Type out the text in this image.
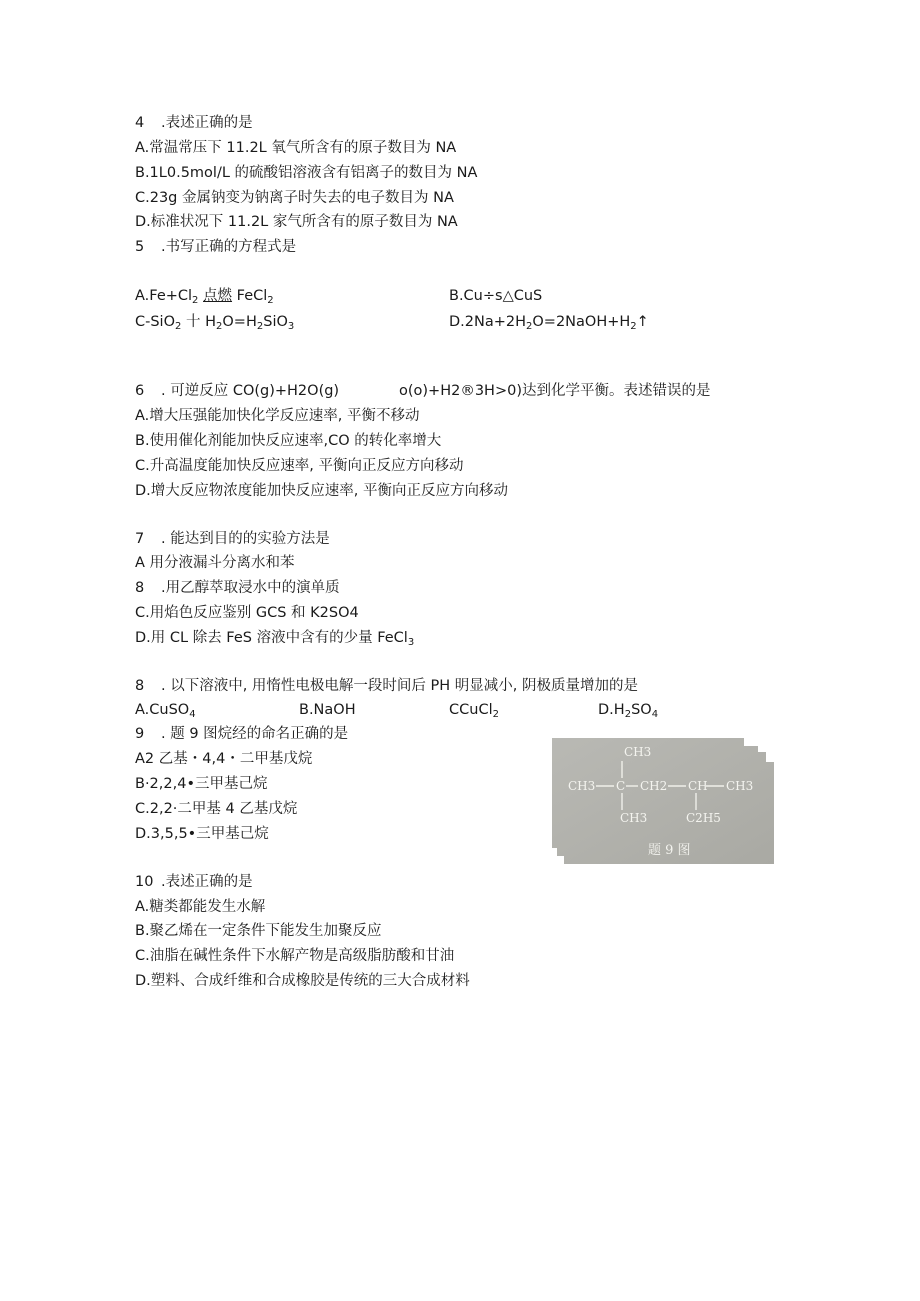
4 .表述正确的是
A.常温常压下 11.2L 氧气所含有的原子数目为 NA
B.1L0.5mol/L 的硫酸铝溶液含有铝离子的数目为 NA
C.23g 金属钠变为钠离子时失去的电子数目为 NA
D.标准状况下 11.2L 家气所含有的原子数目为 NA
5 .书写正确的方程式是
$A.Fe+Cl_2$ 点燃 FeCl$_2$	B.Cu÷s△CuS
C-SiO$_2$ 十 $H_2O=H_2SiO_3$	$D.2Na+2H_2O=2NaOH+H_2↑$
6 . 可逆反应 CO(g)+H2O(g)	o(o)+H2®3H>0)达到化学平衡。表述错误的是
A.增大压强能加快化学反应速率, 平衡不移动
B.使用催化剂能加快反应速率,CO 的转化率增大
C.升高温度能加快反应速率, 平衡向正反应方向移动
D.增大反应物浓度能加快反应速率, 平衡向正反应方向移动
7 . 能达到目的的实验方法是
A 用分液漏斗分离水和苯
8 .用乙醇萃取浸水中的演单质
C.用焰色反应鉴别 GCS 和 K2SO4
D.用 CL 除去 FeS 溶液中含有的少量 FeCl$_3$
8 . 以下溶液中, 用惰性电极电解一段时间后 PH 明显减小, 阴极质量增加的是
A.CuSO$_4$	B.NaOH	CCuCl$_2$	$D.H_2SO_4$
9 . 题 9 图烷经的命名正确的是
A2 乙基・4,4・二甲基戊烷
B·2,2,4•三甲基己烷
C.2,2·二甲基 4 乙基戊烷
D.3,5,5•三甲基己烷
CH3
CH3 C CH2 CH CH3
CH3	C2H5
题 9 图
10 .表述正确的是
A.糖类都能发生水解
B.聚乙烯在一定条件下能发生加聚反应
C.油脂在碱性条件下水解产物是高级脂肪酸和甘油
D.塑料、合成纤维和合成橡胶是传统的三大合成材料
